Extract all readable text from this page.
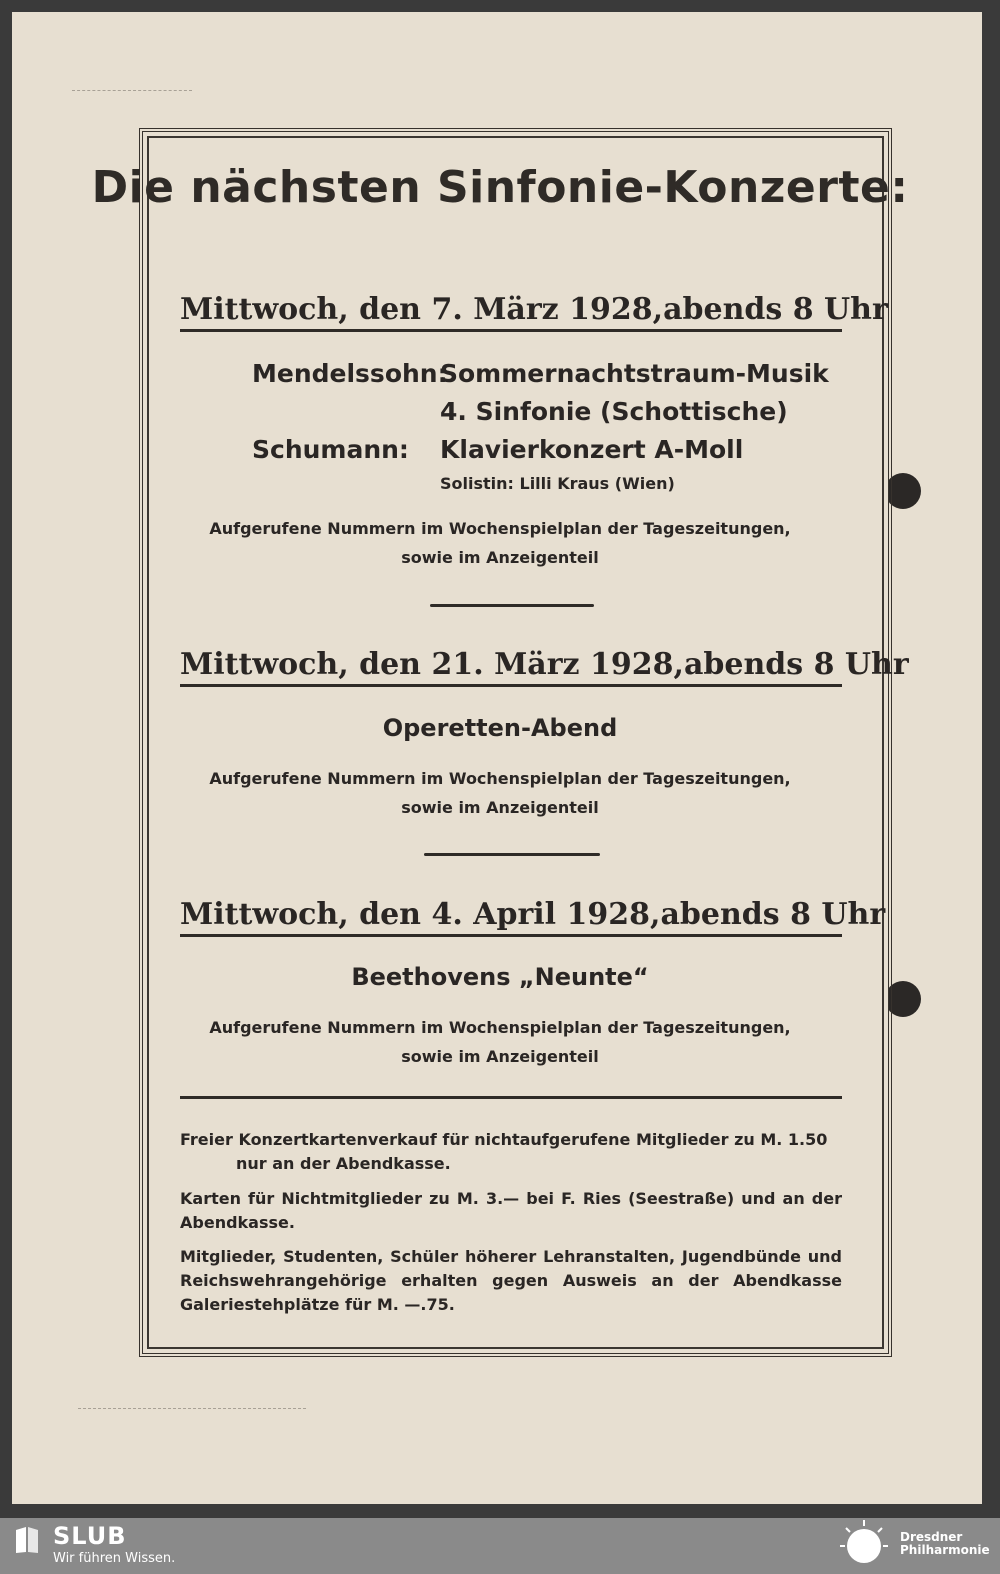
Die nächsten Sinfonie-Konzerte:
Mittwoch, den 7. März 1928, abends 8 Uhr
Mendelssohn:
Sommernachtstraum-Musik
4. Sinfonie (Schottische)
Schumann: Klavierkonzert A-Moll
Solistin: Lilli Kraus (Wien)
Aufgerufene Nummern im Wochenspielplan der Tageszeitungen,
sowie im Anzeigenteil
Mittwoch, den 21. März 1928, abends 8 Uhr
Operetten-Abend
Aufgerufene Nummern im Wochenspielplan der Tageszeitungen,
sowie im Anzeigenteil
Mittwoch, den 4. April 1928, abends 8 Uhr
Beethovens „Neunte“
Aufgerufene Nummern im Wochenspielplan der Tageszeitungen,
sowie im Anzeigenteil
Freier Konzertkartenverkauf für nichtaufgerufene Mitglieder zu M. 1.50
nur an der Abendkasse.
Karten für Nichtmitglieder zu M. 3.— bei F. Ries (Seestraße) und an der Abendkasse.
Mitglieder, Studenten, Schüler höherer Lehranstalten, Jugendbünde und Reichswehrangehörige erhalten gegen Ausweis an der Abendkasse Galeriestehplätze für M. —.75.
SLUB
Wir führen Wissen.
Dresdner
Philharmonie
